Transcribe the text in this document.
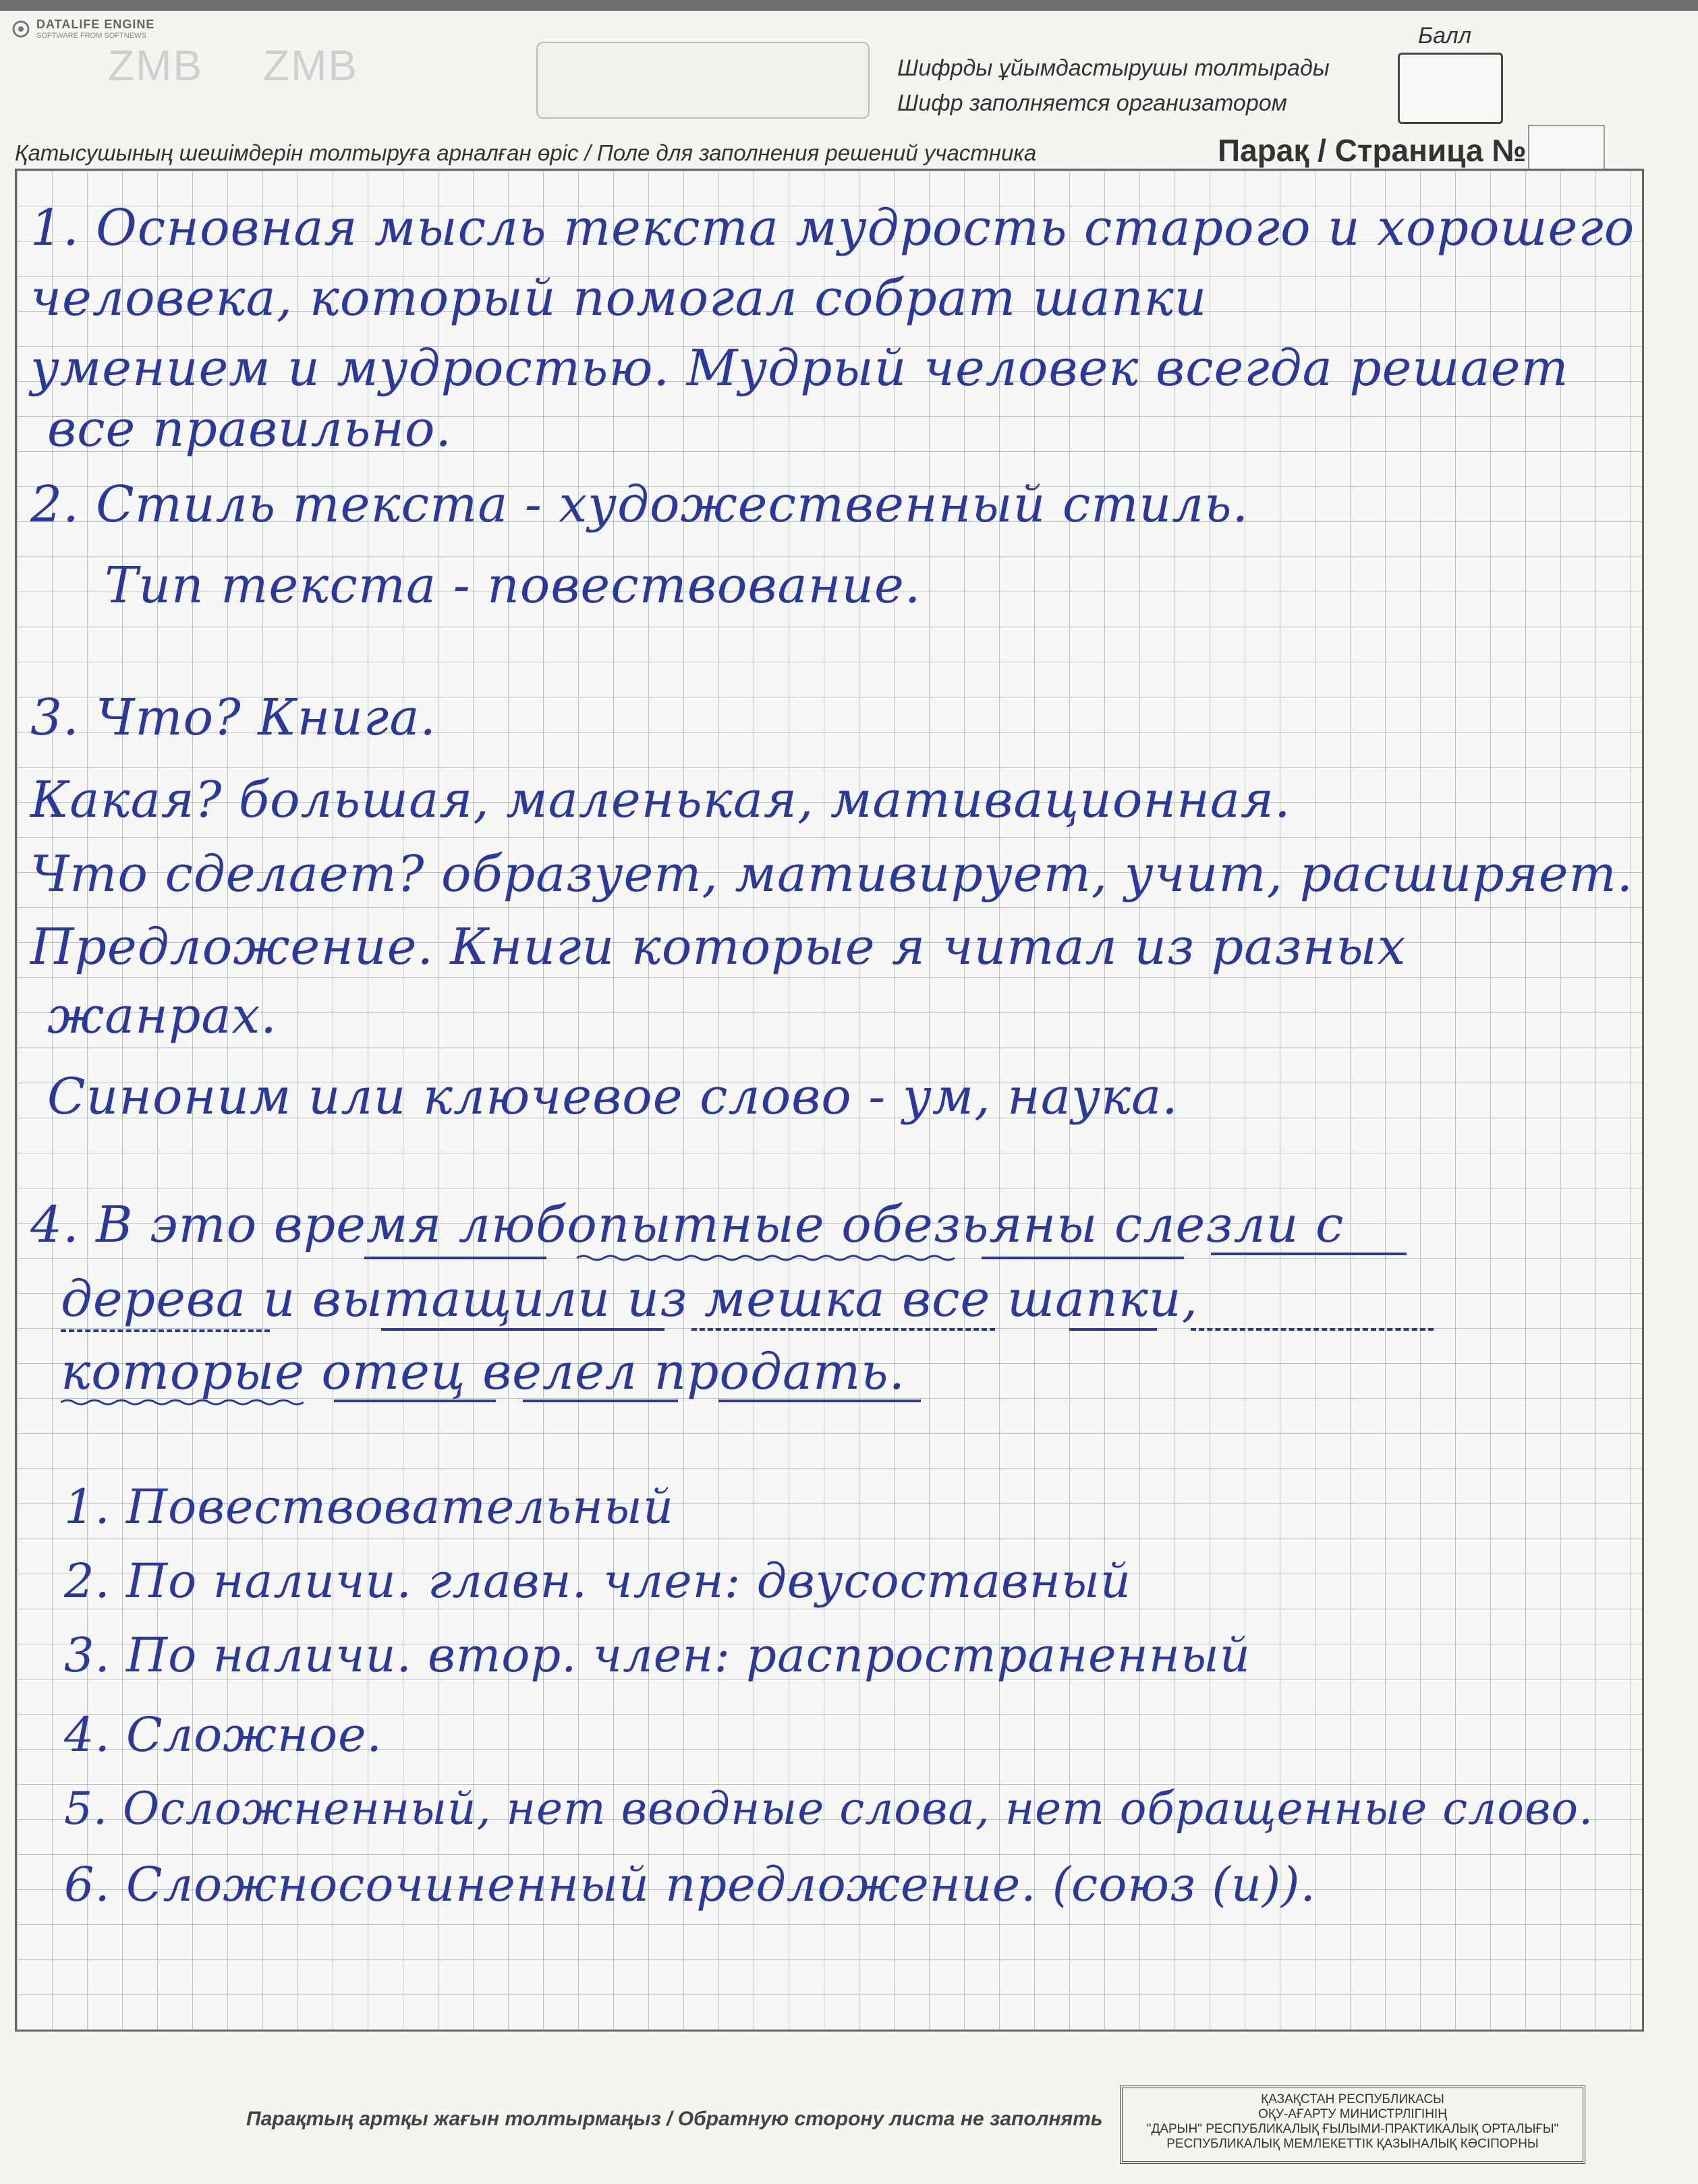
DATALIFE ENGINE
SOFTWARE FROM SOFTNEWS
ZMB ZMB	Шифрды ұйымдастырушы толтырады
Шифр заполняется организатором
Балл
Қатысушының шешімдерін толтыруға арналған өріс / Поле для заполнения решений участника	Парақ / Страница №

1. Основная мысль текста мудрость старого и хорошего

человека, который помогал собрат шапки

умением и мудростью. Мудрый человек всегда решает

все правильно.

2. Стиль текста - художественный стиль.

Тип текста - повествование.

3. Что? Книга.

Какая? большая, маленькая, мативационная.

Что сделает? образует, мативирует, учит, расширяет.

Предложение. Книги которые я читал из разных

жанрах.

Синоним или ключевое слово - ум, наука.

4. В это время любопытные обезьяны слезли с

дерева и вытащили из мешка все шапки,

которые отец велел продать.

1. Повествовательный

2. По наличи. главн. член: двусоставный

3. По наличи. втор. член: распространенный

4. Сложное.

5. Осложненный, нет вводные слова, нет обращенные слово.

6. Сложносочиненный предложение. (союз (и)).

Парақтың артқы жағын толтырмаңыз / Обратную сторону листа не заполнять
ҚАЗАҚСТАН РЕСПУБЛИКАСЫ
ОҚУ-АҒАРТУ МИНИСТРЛІГІНІҢ
"ДАРЫН" РЕСПУБЛИКАЛЫҚ ҒЫЛЫМИ-ПРАКТИКАЛЫҚ ОРТАЛЫҒЫ"
РЕСПУБЛИКАЛЫҚ МЕМЛЕКЕТТІК ҚАЗЫНАЛЫҚ КӘСІПОРНЫ
